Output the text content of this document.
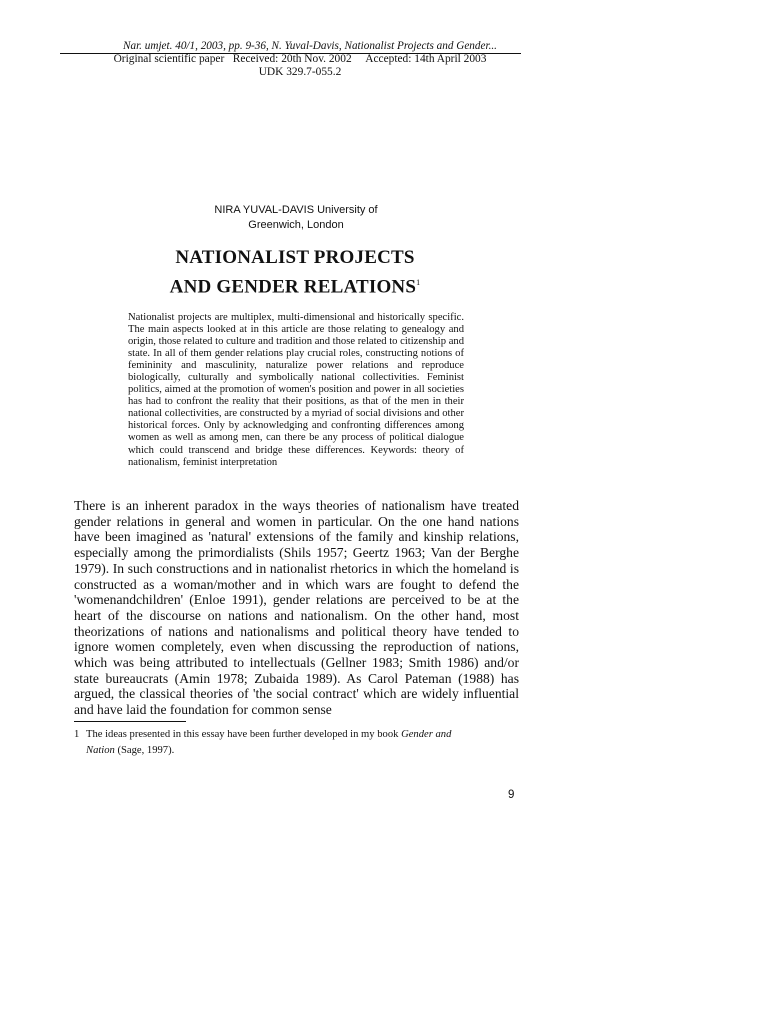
Nar. umjet. 40/1, 2003, pp. 9-36, N. Yuval-Davis, Nationalist Projects and Gender...
Original scientific paper   Received: 20th Nov. 2002     Accepted: 14th April 2003
UDK 329.7-055.2
NIRA YUVAL-DAVIS University of
Greenwich, London
NATIONALIST PROJECTS
AND GENDER RELATIONS$^1$
Nationalist projects are multiplex, multi-dimensional and historically specific. The main aspects looked at in this article are those relating to genealogy and origin, those related to culture and tradition and those related to citizenship and state. In all of them gender relations play crucial roles, constructing notions of femininity and masculinity, naturalize power relations and reproduce biologically, culturally and symbolically national collectivities. Feminist politics, aimed at the promotion of women's position and power in all societies has had to confront the reality that their positions, as that of the men in their national collectivities, are constructed by a myriad of social divisions and other historical forces. Only by acknowledging and confronting differences among women as well as among men, can there be any process of political dialogue which could transcend and bridge these differences. Keywords: theory of nationalism, feminist interpretation
There is an inherent paradox in the ways theories of nationalism have treated gender relations in general and women in particular. On the one hand nations have been imagined as 'natural' extensions of the family and kinship relations, especially among the primordialists (Shils 1957; Geertz 1963; Van der Berghe 1979). In such constructions and in nationalist rhetorics in which the homeland is constructed as a woman/mother and in which wars are fought to defend the 'womenandchildren' (Enloe 1991), gender relations are perceived to be at the heart of the discourse on nations and nationalism. On the other hand, most theorizations of nations and nationalisms and political theory have tended to ignore women completely, even when discussing the reproduction of nations, which was being attributed to intellectuals (Gellner 1983; Smith 1986) and/or state bureaucrats (Amin 1978; Zubaida 1989). As Carol Pateman (1988) has argued, the classical theories of 'the social contract' which are widely influential and have laid the foundation for common sense
1 The ideas presented in this essay have been further developed in my book Gender and
Nation (Sage, 1997).
9
